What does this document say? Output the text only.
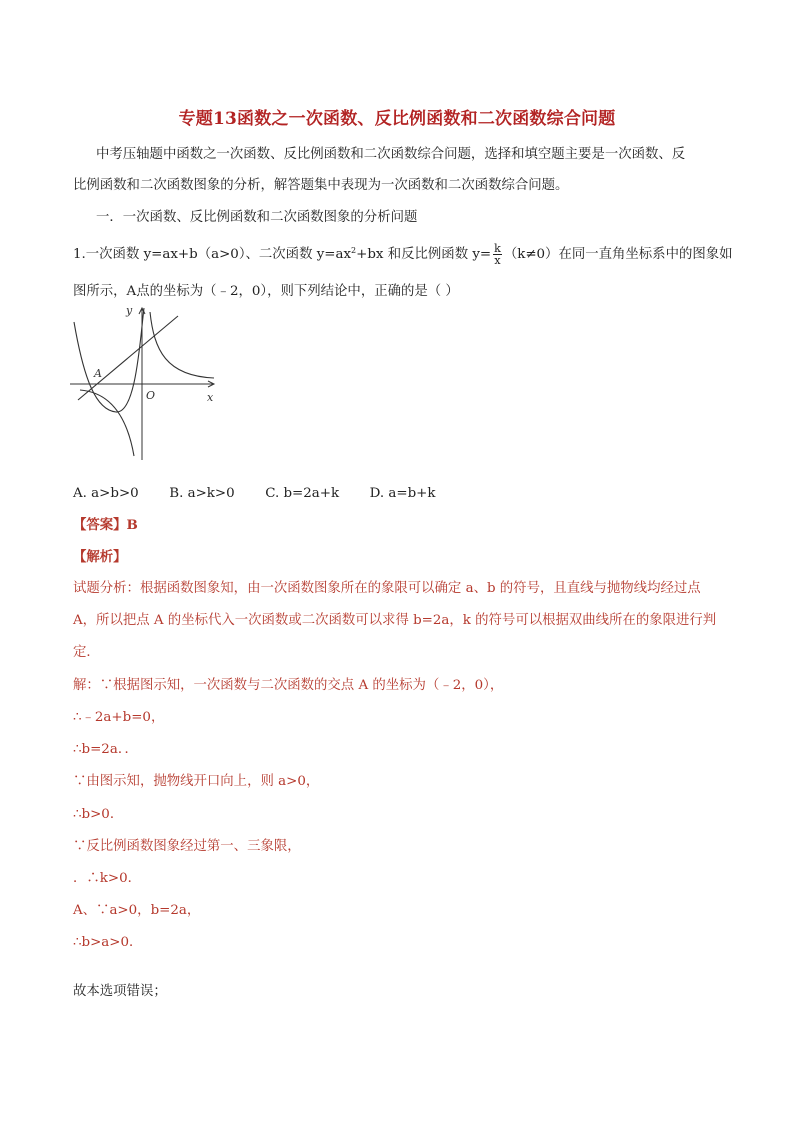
专题13函数之一次函数、反比例函数和二次函数综合问题
中考压轴题中函数之一次函数、反比例函数和二次函数综合问题，选择和填空题主要是一次函数、反
比例函数和二次函数图象的分析，解答题集中表现为一次函数和二次函数综合问题。
一．一次函数、反比例函数和二次函数图象的分析问题
1.一次函数 y=ax+b（a>0）、二次函数 $y=ax^2+bx$ 和反比例函数 $y= \frac{k}{x} (k\ne 0)$在同一直角坐标系中的图象如
图所示，A点的坐标为（﹣2，0），则下列结论中，正确的是（ ）
y
x
O
A
A. a>b>0 B. a>k>0 C. b=2a+k D. a=b+k
【答案】B
【解析】
试题分析：根据函数图象知，由一次函数图象所在的象限可以确定 a、b 的符号，且直线与抛物线均经过点
A，所以把点 A 的坐标代入一次函数或二次函数可以求得 b=2a，k 的符号可以根据双曲线所在的象限进行判
定．
解：∵根据图示知，一次函数与二次函数的交点 A 的坐标为（﹣2，0），
∴﹣2a+b=0，
∴b=2a．．
∵由图示知，抛物线开口向上，则 a>0，
∴b>0．
∵反比例函数图象经过第一、三象限，
．∴k>0．
A、∵a>0，b=2a，
∴b>a>0．
故本选项错误；
